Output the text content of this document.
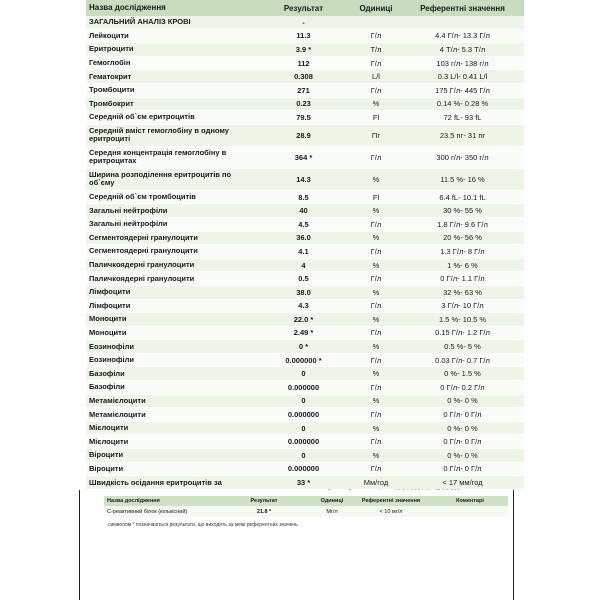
Назва дослідження	Результат	Одиниці	Референтні значення
ЗАГАЛЬНИЙ АНАЛІЗ КРОВІ	-
Лейкоцити	11.3	Г/л	4.4 Г/л- 13.3 Г/л
Еритроцити	3.9 *	Т/л	4 Т/л- 5.3 Т/л
Гемоглобін	112	Г/л	103 г/л- 138 г/л
Гематокрит	0.308	L/l	0.3 L/l- 0.41 L/l
Тромбоцити	271	Г/л	175 Г/л- 445 Г/л
Тромбокрит	0.23	%	0.14 %- 0.28 %
Середній об`єм еритроцитів	79.5	Fl	72 fL- 93 fL
Середній вміст гемоглобіну в одному еритроциті	28.9	Пг	23.5 пг- 31 пг
Середня концентрація гемоглобіну в еритроцитах	364 *	Г/л	300 г/л- 350 г/л
Ширина розподілення еритроцитів по об`єму	14.3	%	11.5 %- 16 %
Середній об`єм тромбоцитів	8.5	Fl	6.4 fL- 10.1 fL
Загальні нейтрофіли	40	%	30 %- 55 %
Загальні нейтрофіли	4.5	Г/л	1.8 Г/л- 9.6 Г/л
Сегментоядерні гранулоцити	36.0	%	20 %- 56 %
Сегментоядерні гранулоцити	4.1	Г/л	1.3 Г/л- 8 Г/л
Паличкоядерні гранулоцити	4	%	1 %- 6 %
Паличкоядерні гранулоцити	0.5	Г/л	0 Г/л- 1.1 Г/л
Лімфоцити	38.0	%	32 %- 63 %
Лімфоцити	4.3	Г/л	3 Г/л- 10 Г/л
Моноцити	22.0 *	%	1.5 %- 10.5 %
Моноцити	2.49 *	Г/л	0.15 Г/л- 1.2 Г/л
Еозинофіли	0 *	%	0.5 %- 5 %
Еозинофіли	0.000000 *	Г/л	0.03 Г/л- 0.7 Г/л
Базофіли	0	%	0 %- 1.5 %
Базофіли	0.000000	Г/л	0 Г/л- 0.2 Г/л
Метамієлоцити	0	%	0 %- 0 %
Метамієлоцити	0.000000	Г/л	0 Г/л- 0 Г/л
Мієлоцити	0	%	0 %- 0 %
Мієлоцити	0.000000	Г/л	0 Г/л- 0 Г/л
Віроцити	0	%	0 %- 0 %
Віроцити	0.000000	Г/л	0 Г/л- 0 Г/л
Швидкість осідання еритроцитів за	33 *	Мм/год	< 17 мм/год
Назва дослідження	Результат	Одиниці	Референтні значення	Коментарі
С-реактивний білок (кількісний)	21.8 *	Мг/л	< 10 мг/л
символом * позначаються результати, що виходять за межі референтних значень
